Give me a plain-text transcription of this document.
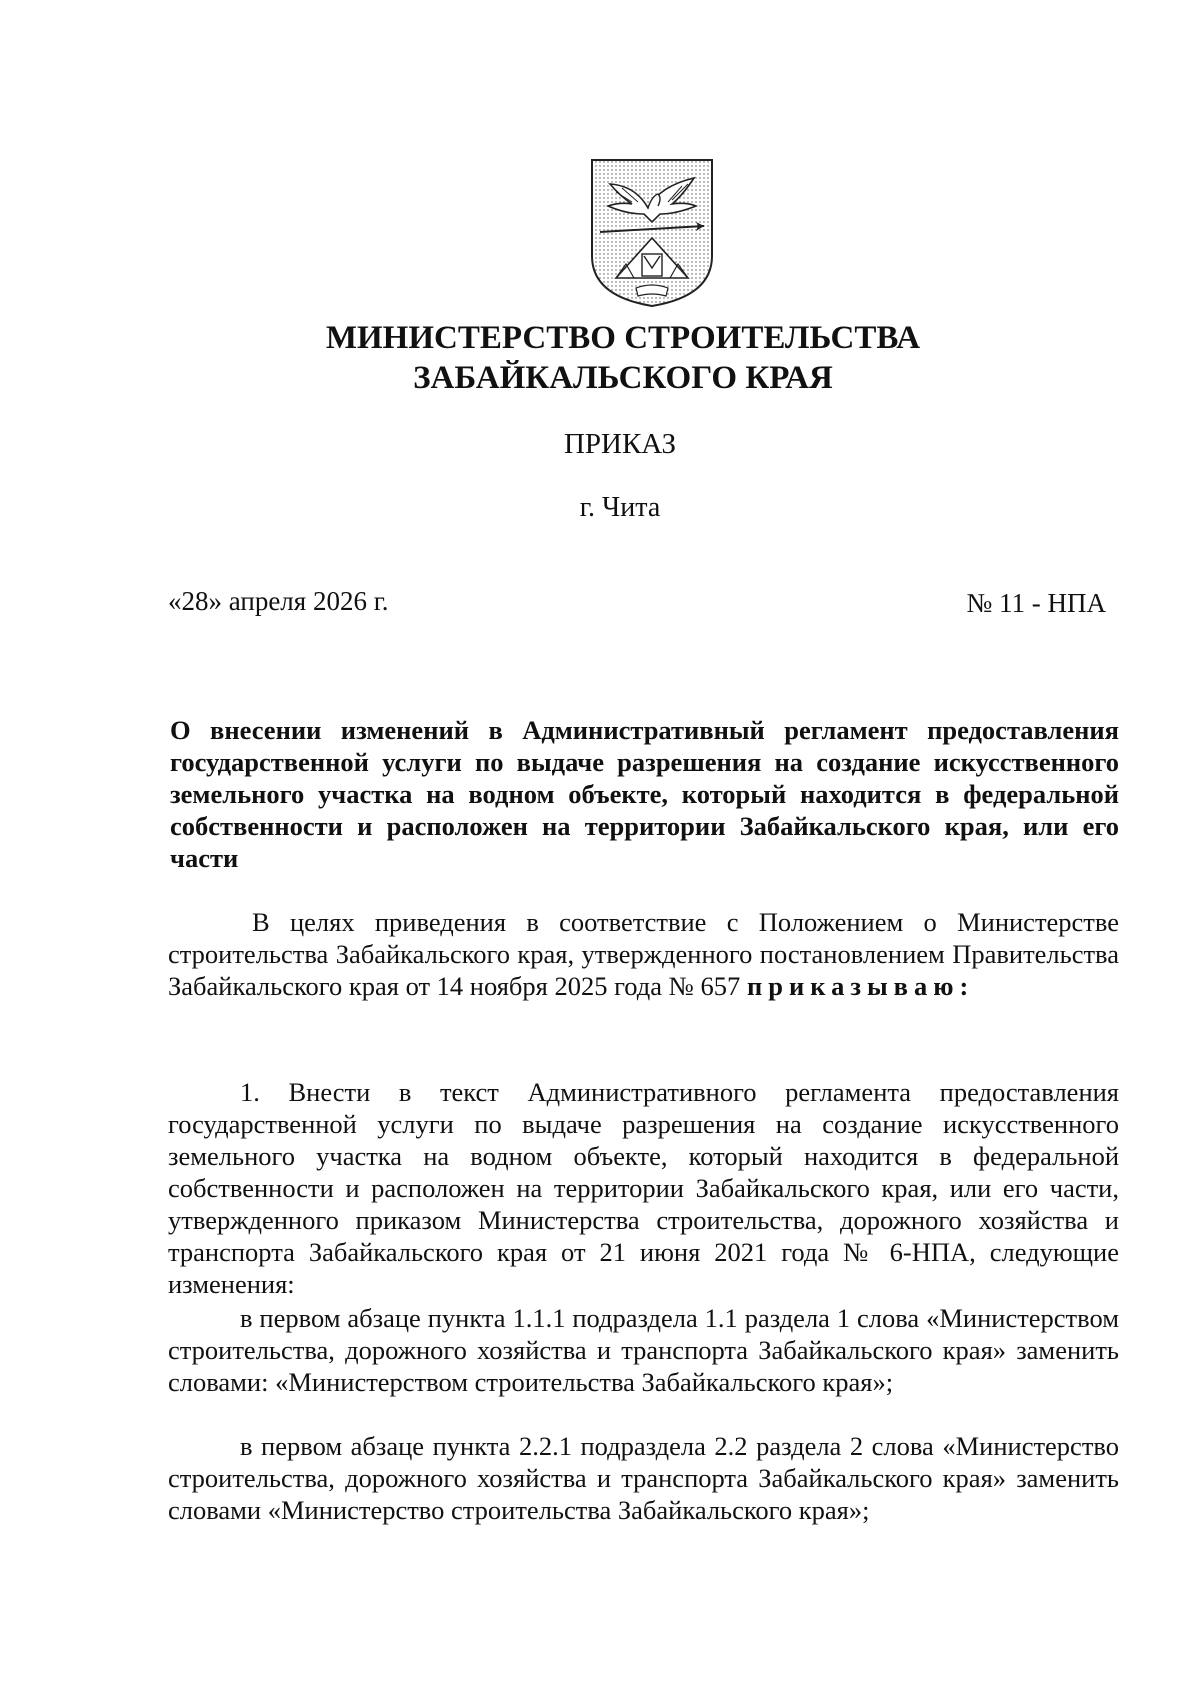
МИНИСТЕРСТВО СТРОИТЕЛЬСТВА
ЗАБАЙКАЛЬСКОГО КРАЯ
ПРИКАЗ
г. Чита
«28» апреля 2026 г.	№ 11 - НПА

О внесении изменений в Административный регламент предоставления государственной услуги по выдаче разрешения на создание искусственного земельного участка на водном объекте, который находится в федеральной собственности и расположен на территории Забайкальского края, или его части

В целях приведения в соответствие с Положением о Министерстве строительства Забайкальского края, утвержденного постановлением Правительства Забайкальского края от 14 ноября 2025 года № 657 приказываю:

1. Внести в текст Административного регламента предоставления государственной услуги по выдаче разрешения на создание искусственного земельного участка на водном объекте, который находится в федеральной собственности и расположен на территории Забайкальского края, или его части, утвержденного приказом Министерства строительства, дорожного хозяйства и транспорта Забайкальского края от 21 июня 2021 года № 6-НПА, следующие изменения:

в первом абзаце пункта 1.1.1 подраздела 1.1 раздела 1 слова «Министерством строительства, дорожного хозяйства и транспорта Забайкальского края» заменить словами: «Министерством строительства Забайкальского края»;

в первом абзаце пункта 2.2.1 подраздела 2.2 раздела 2 слова «Министерство строительства, дорожного хозяйства и транспорта Забайкальского края» заменить словами «Министерство строительства Забайкальского края»;
